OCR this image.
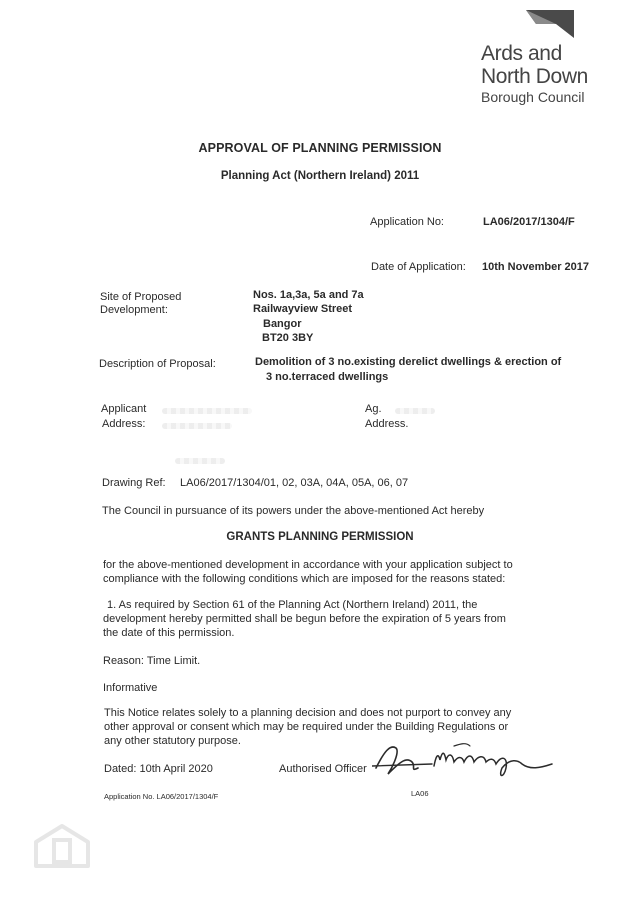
Ards and
North Down
Borough Council
APPROVAL OF PLANNING PERMISSION
Planning Act (Northern Ireland) 2011
Application No:	LA06/2017/1304/F
Date of Application: 10th November 2017
Site of Proposed
Development:
Nos. 1a,3a, 5a and 7a
Railwayview Street
Bangor
BT20 3BY
Description of Proposal:	Demolition of 3 no.existing derelict dwellings & erection of
3 no.terraced dwellings
Applicant
Address:
Ag.
Address.
Drawing Ref: LA06/2017/1304/01, 02, 03A, 04A, 05A, 06, 07
The Council in pursuance of its powers under the above-mentioned Act hereby
GRANTS PLANNING PERMISSION
for the above-mentioned development in accordance with your application subject to
compliance with the following conditions which are imposed for the reasons stated:
1. As required by Section 61 of the Planning Act (Northern Ireland) 2011, the
development hereby permitted shall be begun before the expiration of 5 years from
the date of this permission.
Reason: Time Limit.
Informative
This Notice relates solely to a planning decision and does not purport to convey any
other approval or consent which may be required under the Building Regulations or
any other statutory purpose.
Dated: 10th April 2020	Authorised Officer
Application No. LA06/2017/1304/F	LA06
